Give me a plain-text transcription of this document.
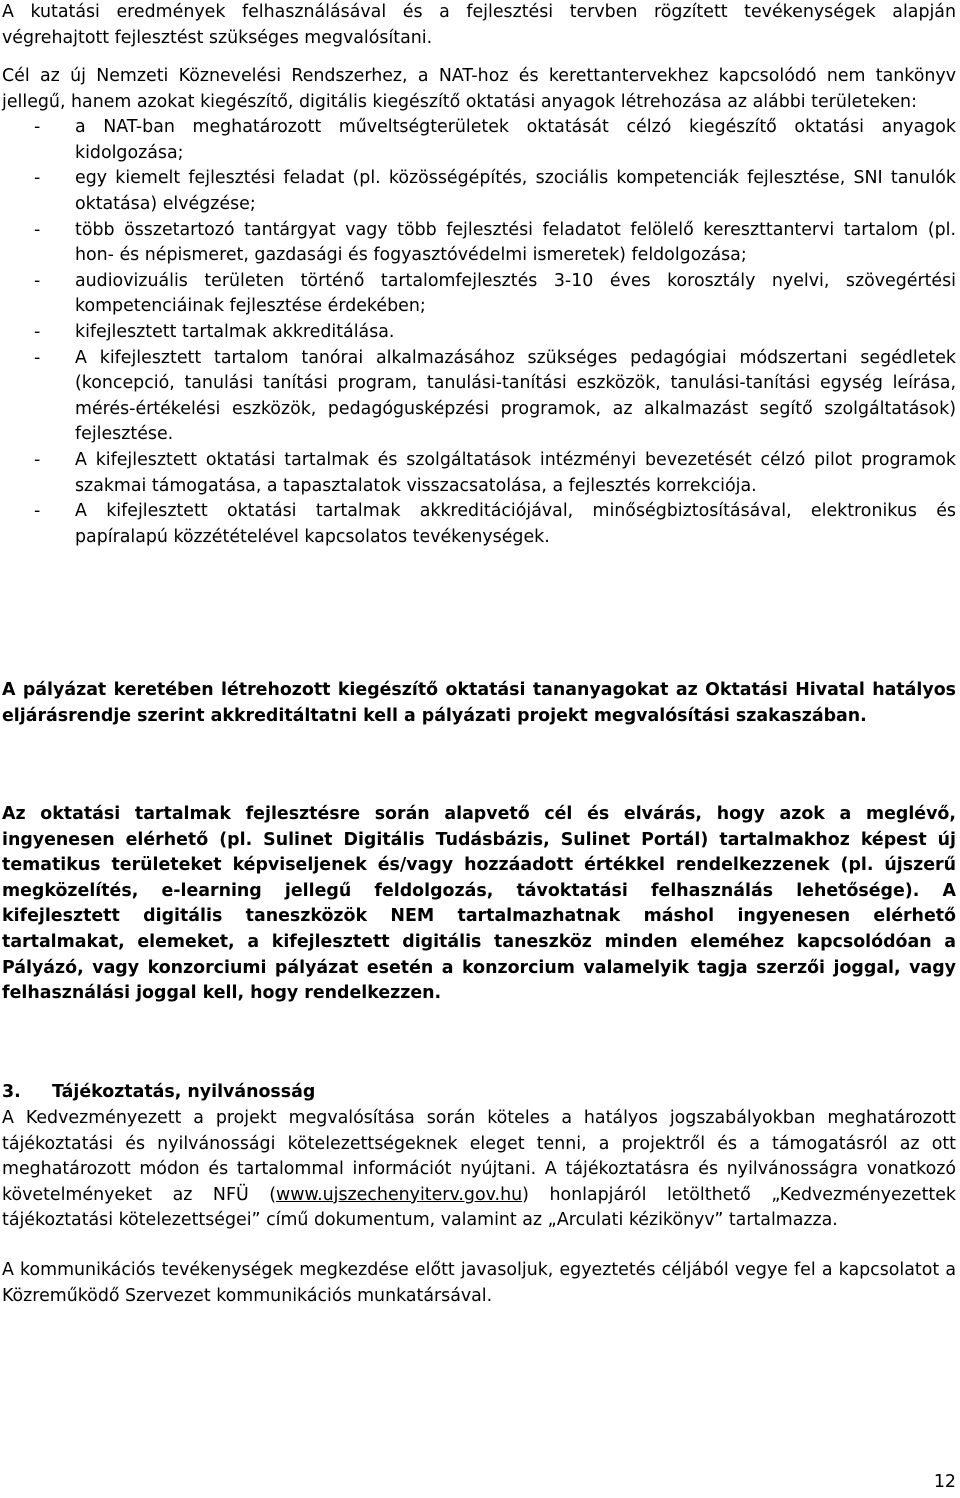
A kutatási eredmények felhasználásával és a fejlesztési tervben rögzített tevékenységek alapján végrehajtott fejlesztést szükséges megvalósítani.

Cél az új Nemzeti Köznevelési Rendszerhez, a NAT-hoz és kerettantervekhez kapcsolódó nem tankönyv jellegű, hanem azokat kiegészítő, digitális kiegészítő oktatási anyagok létrehozása az alábbi területeken:

- a NAT-ban meghatározott műveltségterületek oktatását célzó kiegészítő oktatási anyagok kidolgozása;
- egy kiemelt fejlesztési feladat (pl. közösségépítés, szociális kompetenciák fejlesztése, SNI tanulók oktatása) elvégzése;
- több összetartozó tantárgyat vagy több fejlesztési feladatot felölelő kereszttantervi tartalom (pl. hon- és népismeret, gazdasági és fogyasztóvédelmi ismeretek) feldolgozása;
- audiovizuális területen történő tartalomfejlesztés 3-10 éves korosztály nyelvi, szövegértési kompetenciáinak fejlesztése érdekében;
- kifejlesztett tartalmak akkreditálása.
- A kifejlesztett tartalom tanórai alkalmazásához szükséges pedagógiai módszertani segédletek (koncepció, tanulási tanítási program, tanulási-tanítási eszközök, tanulási-tanítási egység leírása, mérés-értékelési eszközök, pedagógusképzési programok, az alkalmazást segítő szolgáltatások) fejlesztése.
- A kifejlesztett oktatási tartalmak és szolgáltatások intézményi bevezetését célzó pilot programok szakmai támogatása, a tapasztalatok visszacsatolása, a fejlesztés korrekciója.
- A kifejlesztett oktatási tartalmak akkreditációjával, minőségbiztosításával, elektronikus és papíralapú közzétételével kapcsolatos tevékenységek.

A pályázat keretében létrehozott kiegészítő oktatási tananyagokat az Oktatási Hivatal hatályos eljárásrendje szerint akkreditáltatni kell a pályázati projekt megvalósítási szakaszában.

Az oktatási tartalmak fejlesztésre során alapvető cél és elvárás, hogy azok a meglévő, ingyenesen elérhető (pl. Sulinet Digitális Tudásbázis, Sulinet Portál) tartalmakhoz képest új tematikus területeket képviseljenek és/vagy hozzáadott értékkel rendelkezzenek (pl. újszerű megközelítés, e-learning jellegű feldolgozás, távoktatási felhasználás lehetősége). A kifejlesztett digitális taneszközök NEM tartalmazhatnak máshol ingyenesen elérhető tartalmakat, elemeket, a kifejlesztett digitális taneszköz minden eleméhez kapcsolódóan a Pályázó, vagy konzorciumi pályázat esetén a konzorcium valamelyik tagja szerzői joggal, vagy felhasználási joggal kell, hogy rendelkezzen.

3. Tájékoztatás, nyilvánosság

A Kedvezményezett a projekt megvalósítása során köteles a hatályos jogszabályokban meghatározott tájékoztatási és nyilvánossági kötelezettségeknek eleget tenni, a projektről és a támogatásról az ott meghatározott módon és tartalommal információt nyújtani. A tájékoztatásra és nyilvánosságra vonatkozó követelményeket az NFÜ (www.ujszechenyiterv.gov.hu) honlapjáról letölthető „Kedvezményezettek tájékoztatási kötelezettségei” című dokumentum, valamint az „Arculati kézikönyv” tartalmazza.

A kommunikációs tevékenységek megkezdése előtt javasoljuk, egyeztetés céljából vegye fel a kapcsolatot a Közreműködő Szervezet kommunikációs munkatársával.

12
